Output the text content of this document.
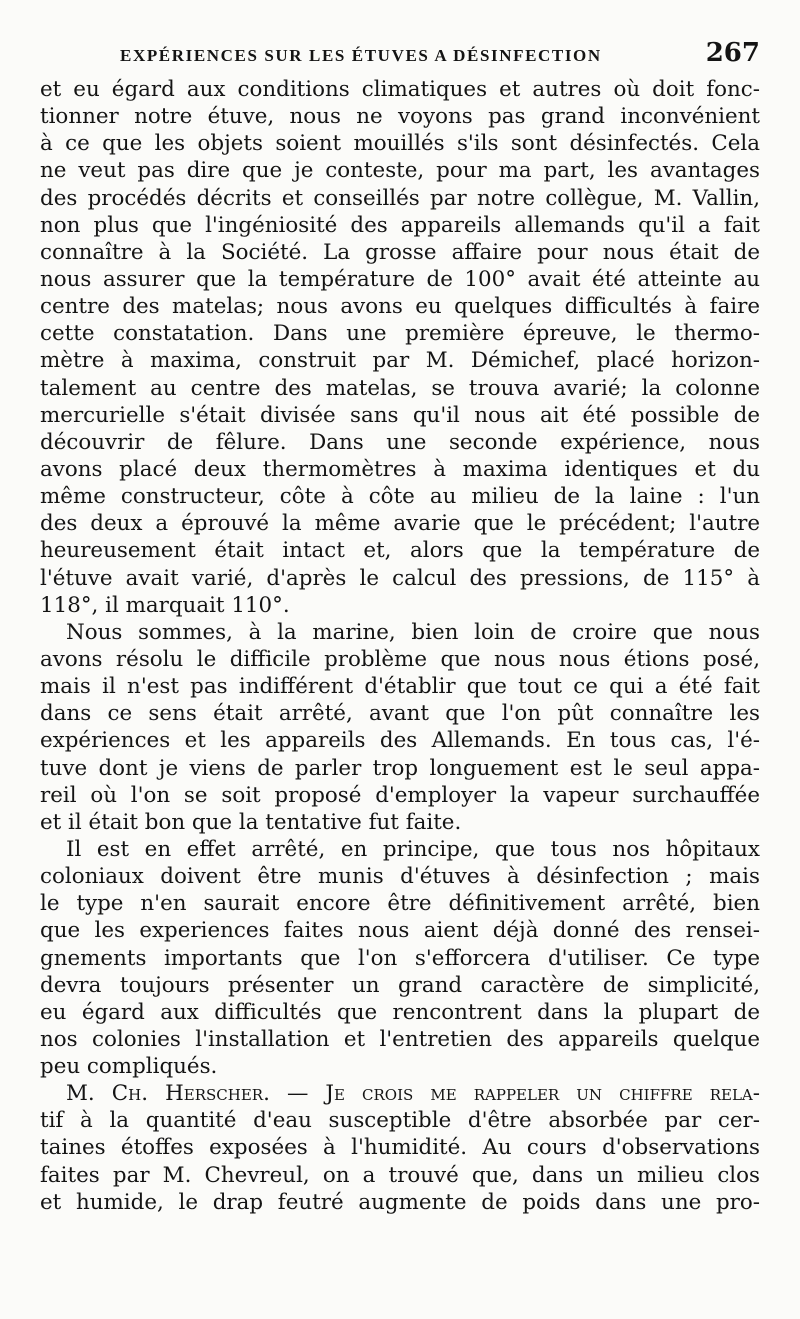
EXPÉRIENCES SUR LES ÉTUVES A DÉSINFECTION	267
et eu égard aux conditions climatiques et autres où doit fonc-
tionner notre étuve, nous ne voyons pas grand inconvénient
à ce que les objets soient mouillés s'ils sont désinfectés. Cela
ne veut pas dire que je conteste, pour ma part, les avantages
des procédés décrits et conseillés par notre collègue, M. Vallin,
non plus que l'ingéniosité des appareils allemands qu'il a fait
connaître à la Société. La grosse affaire pour nous était de
nous assurer que la température de 100° avait été atteinte au
centre des matelas; nous avons eu quelques difficultés à faire
cette constatation. Dans une première épreuve, le thermo-
mètre à maxima, construit par M. Démichef, placé horizon-
talement au centre des matelas, se trouva avarié; la colonne
mercurielle s'était divisée sans qu'il nous ait été possible de
découvrir de fêlure. Dans une seconde expérience, nous
avons placé deux thermomètres à maxima identiques et du
même constructeur, côte à côte au milieu de la laine : l'un
des deux a éprouvé la même avarie que le précédent; l'autre
heureusement était intact et, alors que la température de
l'étuve avait varié, d'après le calcul des pressions, de 115° à
118°, il marquait 110°.
Nous sommes, à la marine, bien loin de croire que nous
avons résolu le difficile problème que nous nous étions posé,
mais il n'est pas indifférent d'établir que tout ce qui a été fait
dans ce sens était arrêté, avant que l'on pût connaître les
expériences et les appareils des Allemands. En tous cas, l'é-
tuve dont je viens de parler trop longuement est le seul appa-
reil où l'on se soit proposé d'employer la vapeur surchauffée
et il était bon que la tentative fut faite.
Il est en effet arrêté, en principe, que tous nos hôpitaux
coloniaux doivent être munis d'étuves à désinfection ; mais
le type n'en saurait encore être définitivement arrêté, bien
que les experiences faites nous aient déjà donné des rensei-
gnements importants que l'on s'efforcera d'utiliser. Ce type
devra toujours présenter un grand caractère de simplicité,
eu égard aux difficultés que rencontrent dans la plupart de
nos colonies l'installation et l'entretien des appareils quelque
peu compliqués.
M. Ch. Herscher. — Je crois me rappeler un chiffre rela-
tif à la quantité d'eau susceptible d'être absorbée par cer-
taines étoffes exposées à l'humidité. Au cours d'observations
faites par M. Chevreul, on a trouvé que, dans un milieu clos
et humide, le drap feutré augmente de poids dans une pro-
